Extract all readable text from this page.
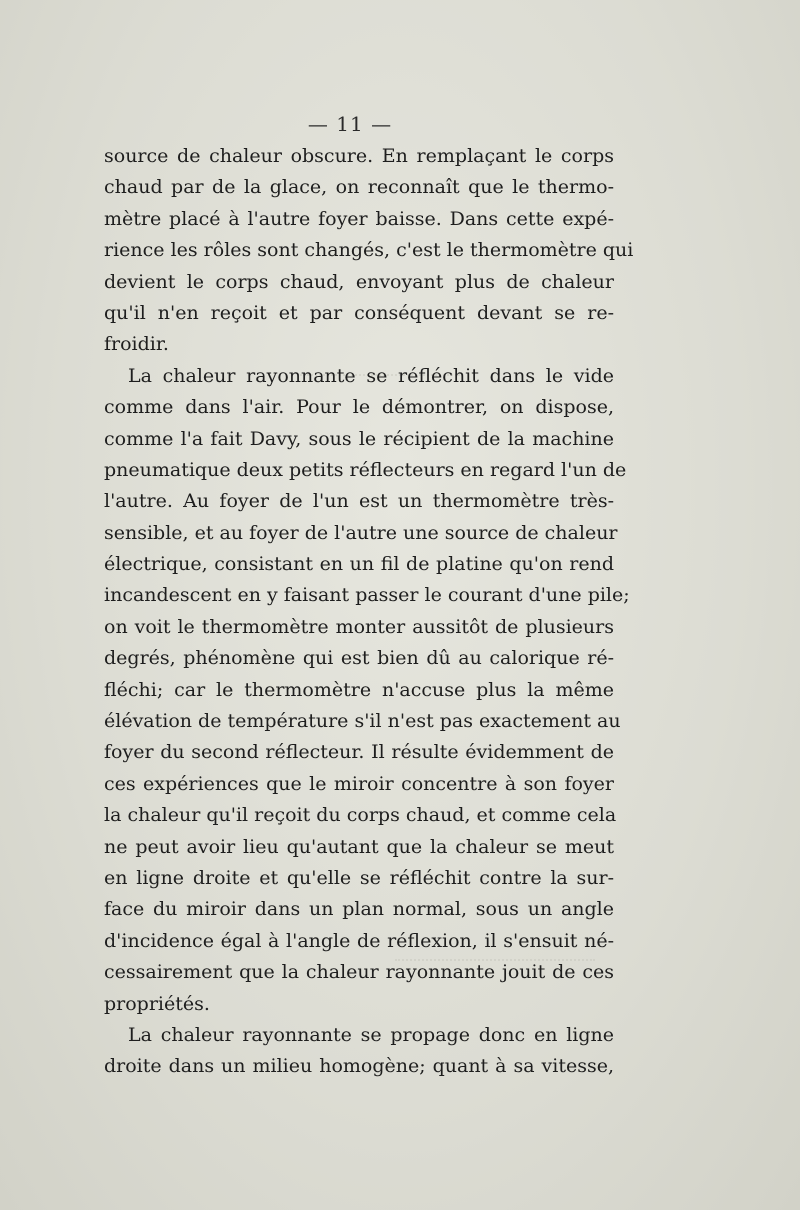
— 11 —
source de chaleur obscure. En remplaçant le corps
chaud par de la glace, on reconnaît que le thermo-
mètre placé à l'autre foyer baisse. Dans cette expé-
rience les rôles sont changés, c'est le thermomètre qui
devient le corps chaud, envoyant plus de chaleur
qu'il n'en reçoit et par conséquent devant se re-
froidir.
La chaleur rayonnante se réfléchit dans le vide
comme dans l'air. Pour le démontrer, on dispose,
comme l'a fait Davy, sous le récipient de la machine
pneumatique deux petits réflecteurs en regard l'un de
l'autre. Au foyer de l'un est un thermomètre très-
sensible, et au foyer de l'autre une source de chaleur
électrique, consistant en un fil de platine qu'on rend
incandescent en y faisant passer le courant d'une pile;
on voit le thermomètre monter aussitôt de plusieurs
degrés, phénomène qui est bien dû au calorique ré-
fléchi; car le thermomètre n'accuse plus la même
élévation de température s'il n'est pas exactement au
foyer du second réflecteur. Il résulte évidemment de
ces expériences que le miroir concentre à son foyer
la chaleur qu'il reçoit du corps chaud, et comme cela
ne peut avoir lieu qu'autant que la chaleur se meut
en ligne droite et qu'elle se réfléchit contre la sur-
face du miroir dans un plan normal, sous un angle
d'incidence égal à l'angle de réflexion, il s'ensuit né-
cessairement que la chaleur rayonnante jouit de ces
propriétés.
La chaleur rayonnante se propage donc en ligne
droite dans un milieu homogène; quant à sa vitesse,
